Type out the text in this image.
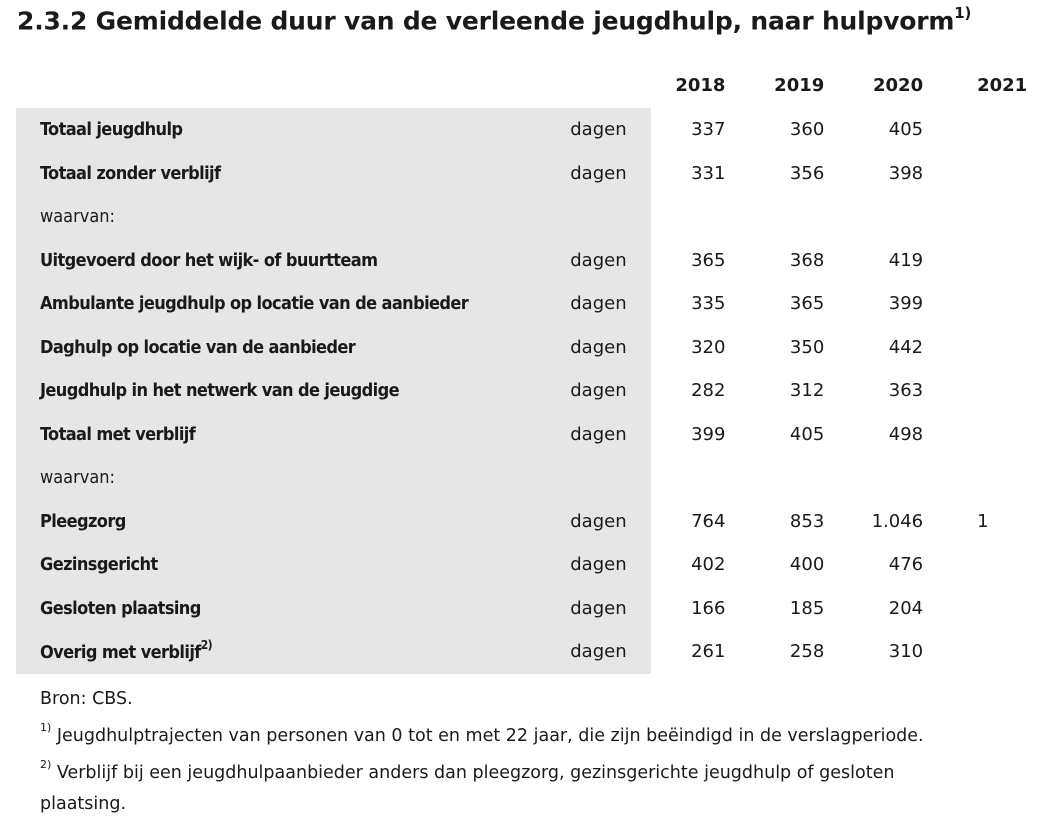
2.3.2 Gemiddelde duur van de verleende jeugdhulp, naar hulpvorm$^{1)}$
		2018	2019	2020	2021
Totaal jeugdhulp	dagen	337	360	405	
Totaal zonder verblijf	dagen	331	356	398	
waarvan:					
Uitgevoerd door het wijk- of buurtteam	dagen	365	368	419	
Ambulante jeugdhulp op locatie van de aanbieder	dagen	335	365	399	
Daghulp op locatie van de aanbieder	dagen	320	350	442	
Jeugdhulp in het netwerk van de jeugdige	dagen	282	312	363	
Totaal met verblijf	dagen	399	405	498	
waarvan:					
Pleegzorg	dagen	764	853	1.046	1
Gezinsgericht	dagen	402	400	476	
Gesloten plaatsing	dagen	166	185	204	
Overig met verblijf$^{2)}$	dagen	261	258	310	

Bron: CBS.

$^{1)}$ Jeugdhulptrajecten van personen van 0 tot en met 22 jaar, die zijn beëindigd in de verslagperiode.

$^{2)}$ Verblijf bij een jeugdhulpaanbieder anders dan pleegzorg, gezinsgerichte jeugdhulp of gesloten plaatsing.
